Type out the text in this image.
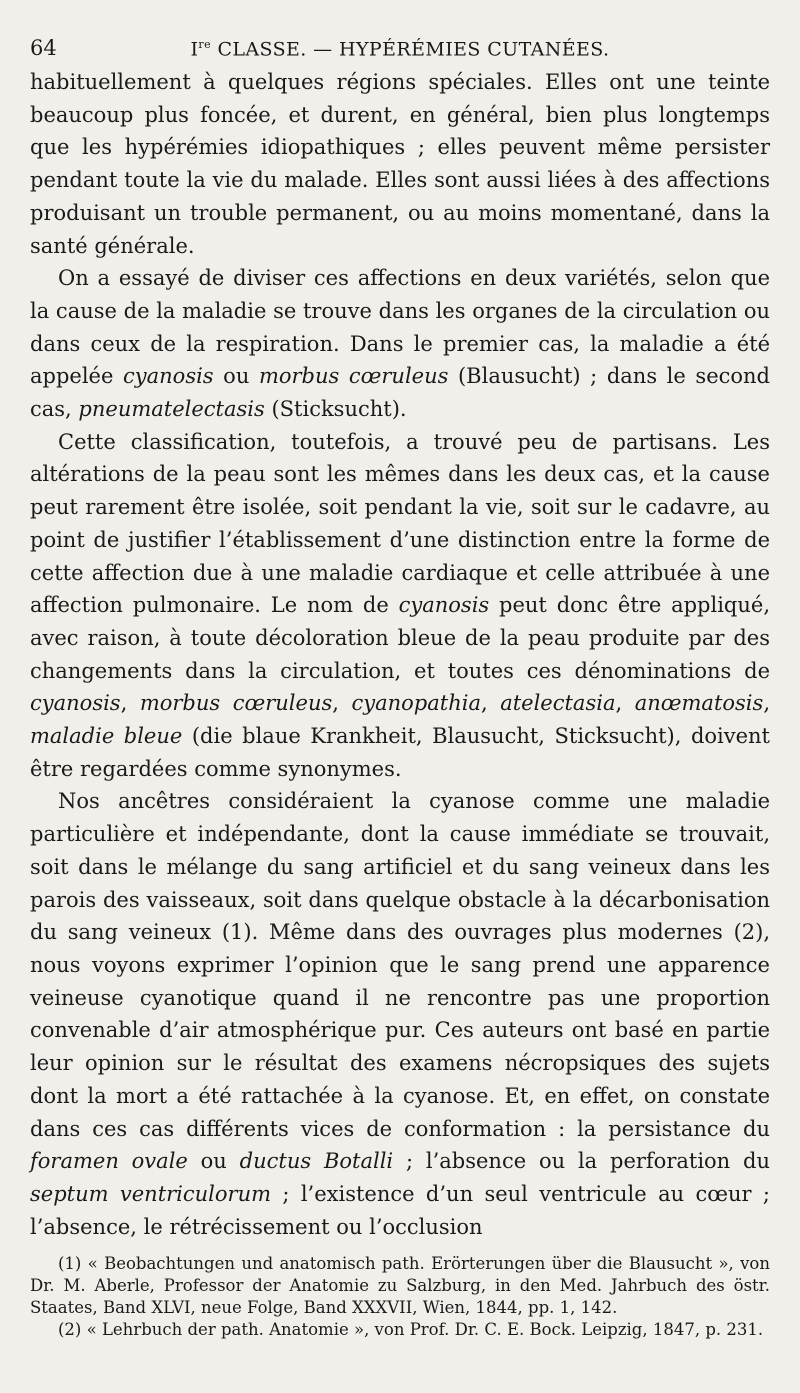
64	Ire CLASSE. — HYPÉRÉMIES CUTANÉES.

habituellement à quelques régions spéciales. Elles ont une teinte beaucoup plus foncée, et durent, en général, bien plus longtemps que les hypérémies idiopathiques ; elles peuvent même persister pendant toute la vie du malade. Elles sont aussi liées à des affections produisant un trouble permanent, ou au moins momentané, dans la santé générale.

On a essayé de diviser ces affections en deux variétés, selon que la cause de la maladie se trouve dans les organes de la circulation ou dans ceux de la respiration. Dans le premier cas, la maladie a été appelée cyanosis ou morbus cœruleus (Blausucht) ; dans le second cas, pneumatelectasis (Sticksucht).

Cette classification, toutefois, a trouvé peu de partisans. Les altérations de la peau sont les mêmes dans les deux cas, et la cause peut rarement être isolée, soit pendant la vie, soit sur le cadavre, au point de justifier l’établissement d’une distinction entre la forme de cette affection due à une maladie cardiaque et celle attribuée à une affection pulmonaire. Le nom de cyanosis peut donc être appliqué, avec raison, à toute décoloration bleue de la peau produite par des changements dans la circulation, et toutes ces dénominations de cyanosis, morbus cœruleus, cyanopathia, atelectasia, anœmatosis, maladie bleue (die blaue Krankheit, Blausucht, Sticksucht), doivent être regardées comme synonymes.

Nos ancêtres considéraient la cyanose comme une maladie particulière et indépendante, dont la cause immédiate se trouvait, soit dans le mélange du sang artificiel et du sang veineux dans les parois des vaisseaux, soit dans quelque obstacle à la décarbonisation du sang veineux (1). Même dans des ouvrages plus modernes (2), nous voyons exprimer l’opinion que le sang prend une apparence veineuse cyanotique quand il ne rencontre pas une proportion convenable d’air atmosphérique pur. Ces auteurs ont basé en partie leur opinion sur le résultat des examens nécropsiques des sujets dont la mort a été rattachée à la cyanose. Et, en effet, on constate dans ces cas différents vices de conformation : la persistance du foramen ovale ou ductus Botalli ; l’absence ou la perforation du septum ventriculorum ; l’existence d’un seul ventricule au cœur ; l’absence, le rétrécissement ou l’occlusion

(1) « Beobachtungen und anatomisch path. Erörterungen über die Blausucht », von Dr. M. Aberle, Professor der Anatomie zu Salzburg, in den Med. Jahrbuch des östr. Staates, Band XLVI, neue Folge, Band XXXVII, Wien, 1844, pp. 1, 142.

(2) « Lehrbuch der path. Anatomie », von Prof. Dr. C. E. Bock. Leipzig, 1847, p. 231.
